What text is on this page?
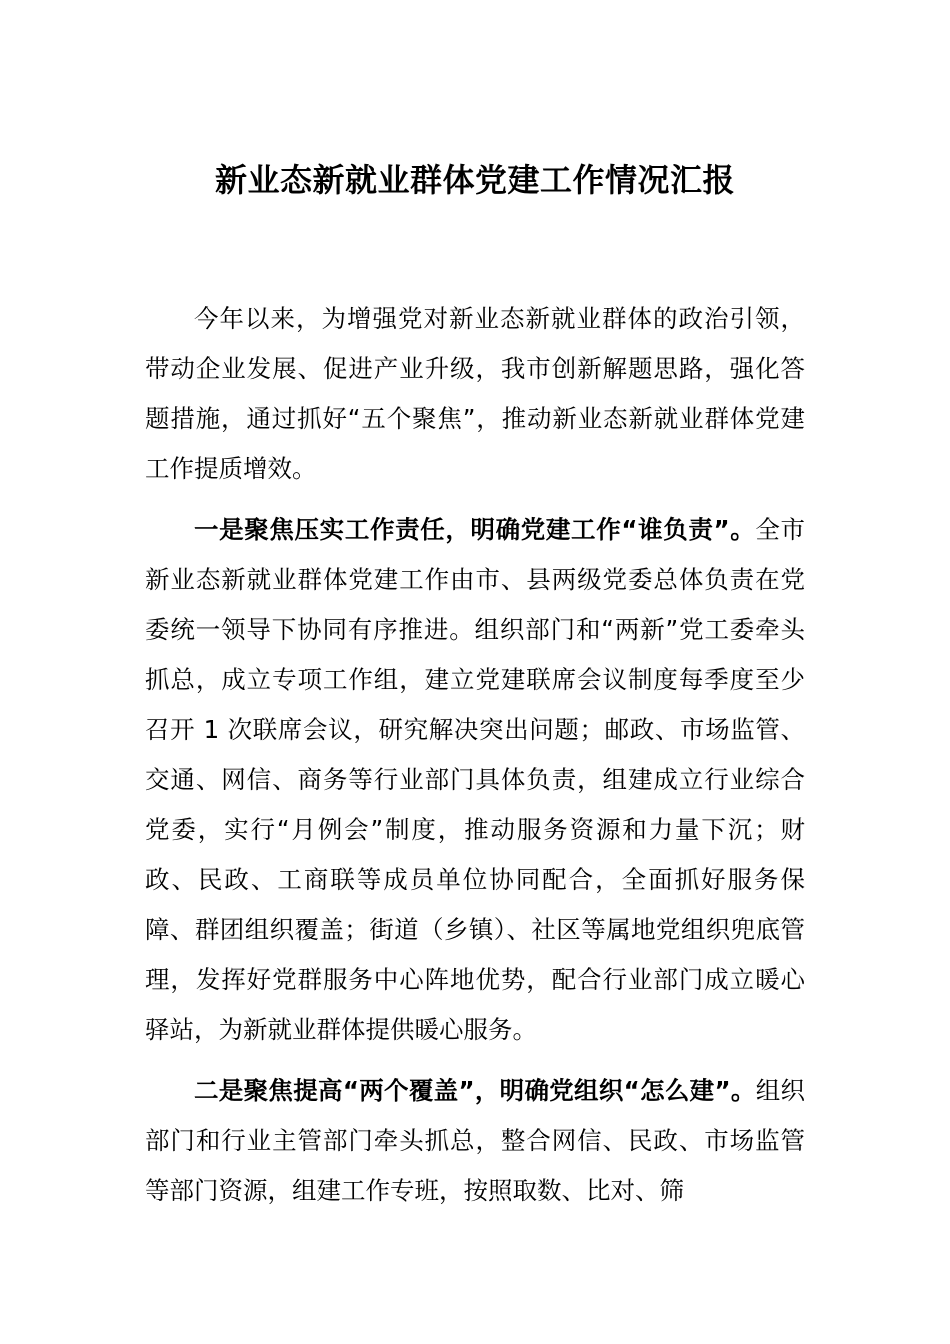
新业态新就业群体党建工作情况汇报

今年以来，为增强党对新业态新就业群体的政治引领，带动企业发展、促进产业升级，我市创新解题思路，强化答题措施，通过抓好“五个聚焦”，推动新业态新就业群体党建工作提质增效。

一是聚焦压实工作责任，明确党建工作“谁负责”。全市新业态新就业群体党建工作由市、县两级党委总体负责在党委统一领导下协同有序推进。组织部门和“两新”党工委牵头抓总，成立专项工作组，建立党建联席会议制度每季度至少召开 1 次联席会议，研究解决突出问题；邮政、市场监管、交通、网信、商务等行业部门具体负责，组建成立行业综合党委，实行“月例会”制度，推动服务资源和力量下沉；财政、民政、工商联等成员单位协同配合，全面抓好服务保障、群团组织覆盖；街道（乡镇）、社区等属地党组织兜底管理，发挥好党群服务中心阵地优势，配合行业部门成立暖心驿站，为新就业群体提供暖心服务。

二是聚焦提高“两个覆盖”，明确党组织“怎么建”。组织部门和行业主管部门牵头抓总，整合网信、民政、市场监管等部门资源，组建工作专班，按照取数、比对、筛
